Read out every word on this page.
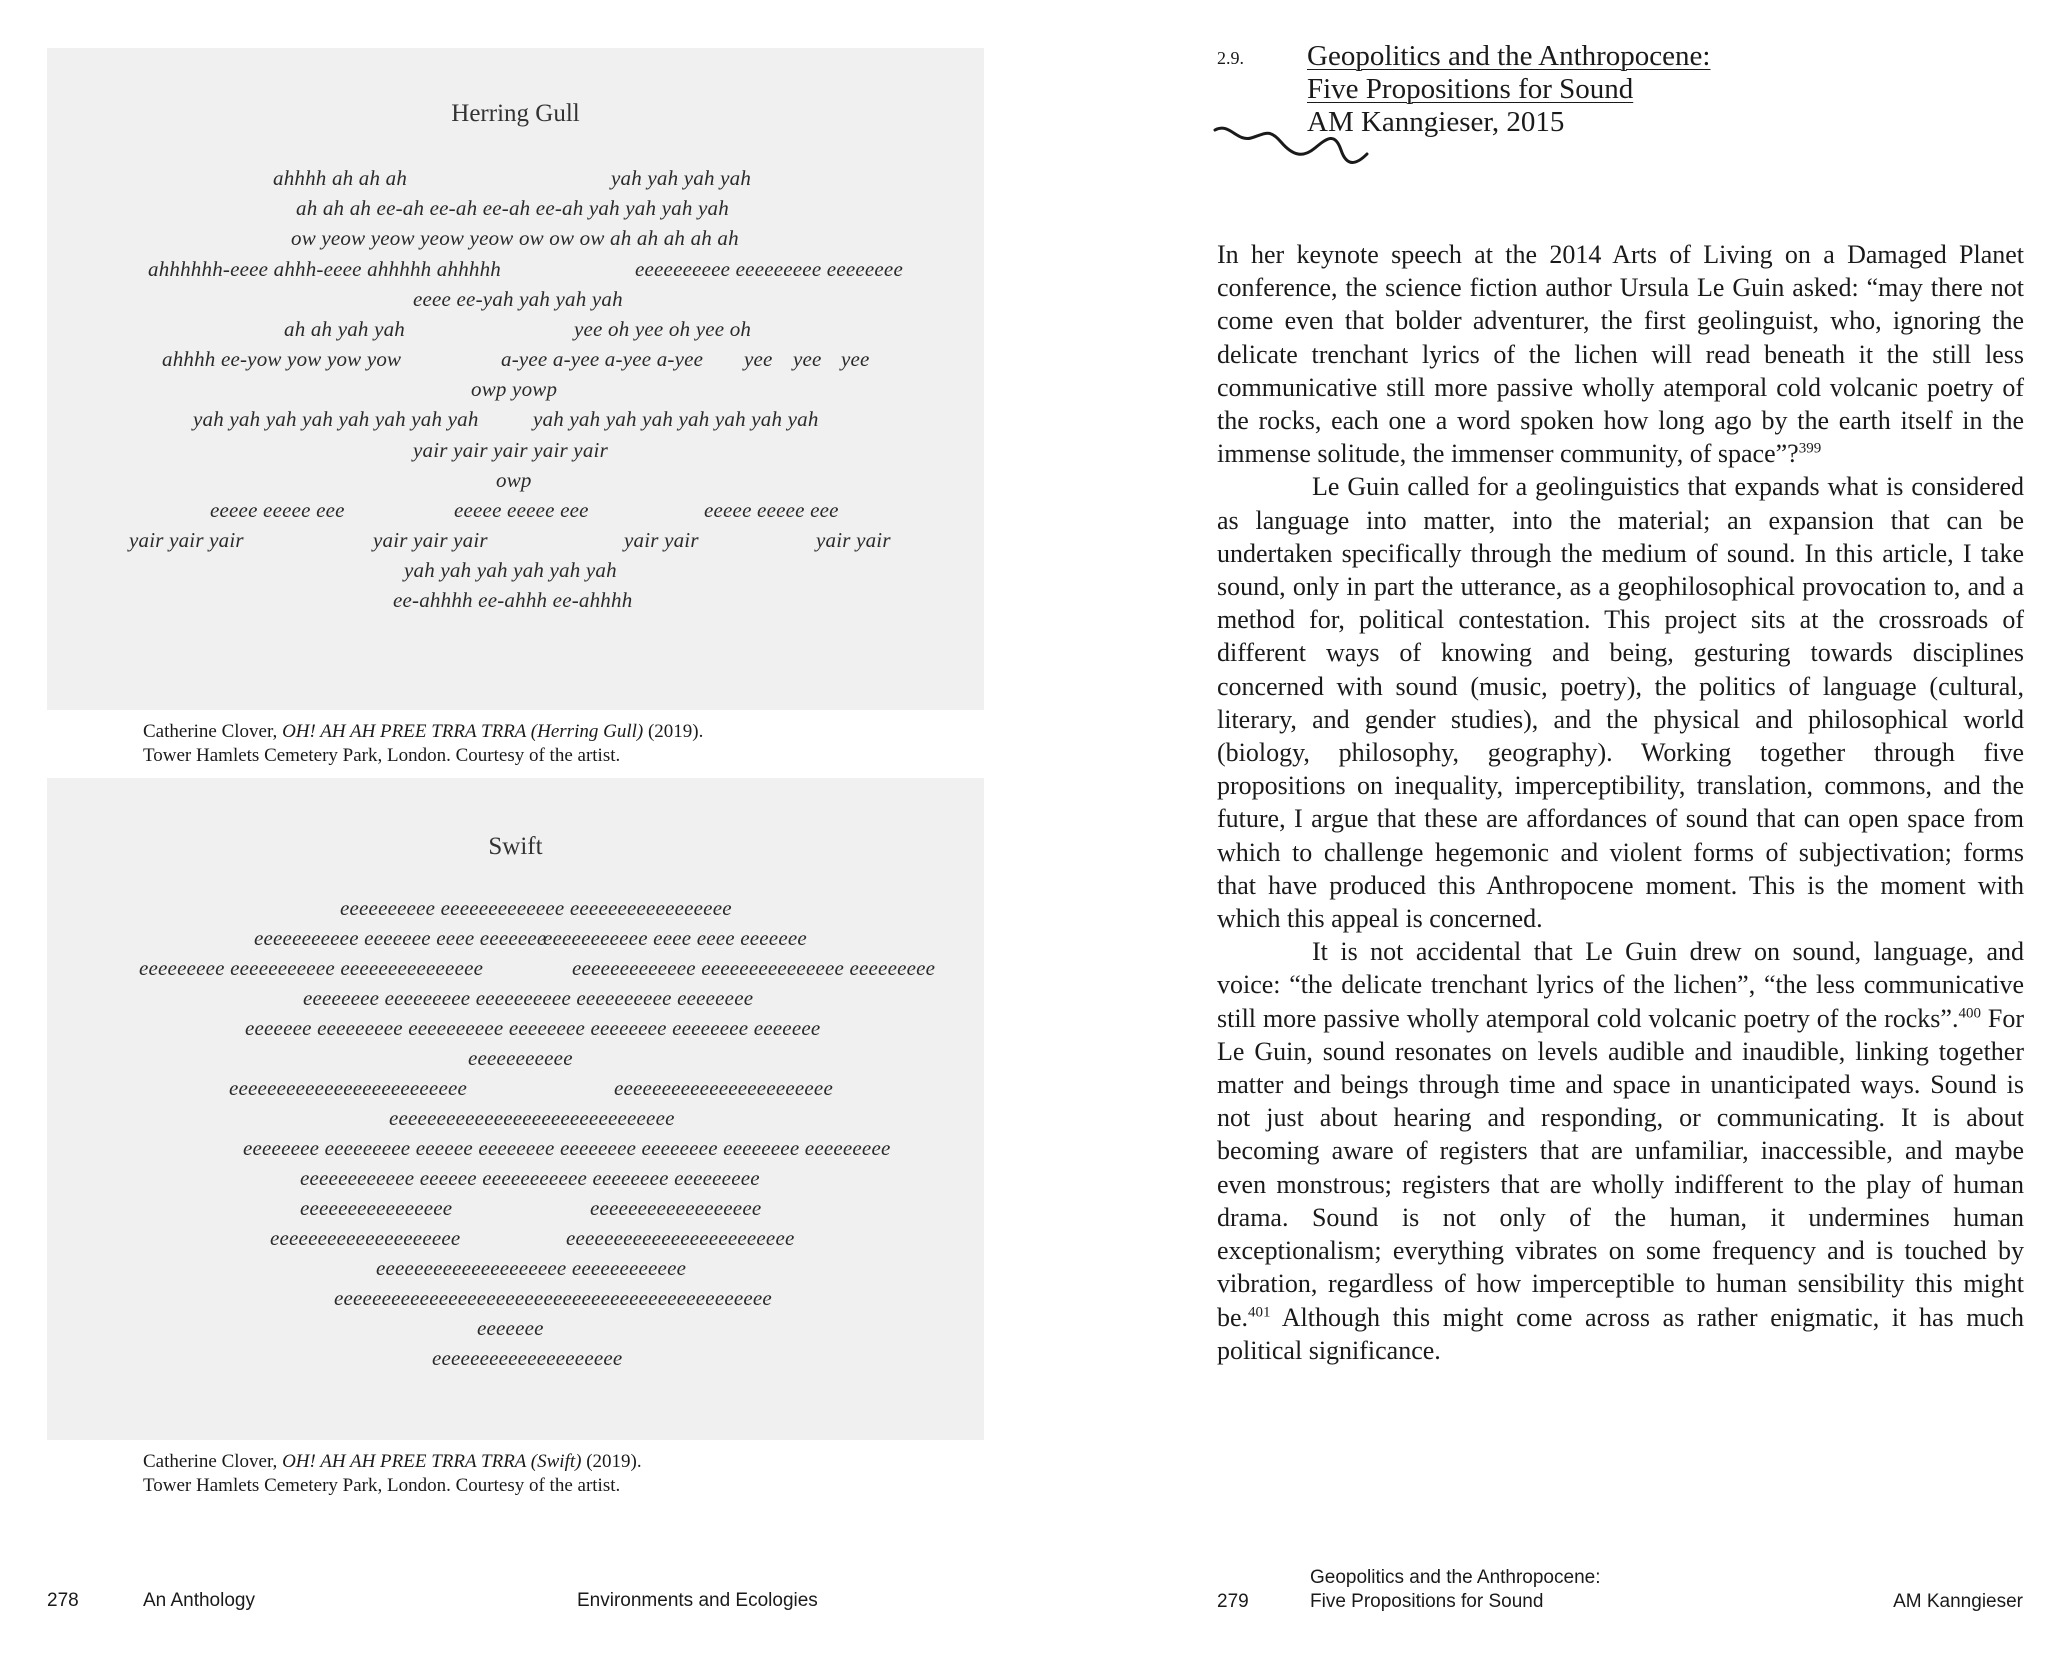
Herring Gull
ahhhh ah ah ah	yah yah yah yah
ah ah ah ee-ah ee-ah ee-ah ee-ah yah yah yah yah
ow yeow yeow yeow yeow ow ow ow ah ah ah ah ah
ahhhhhh-eeee ahhh-eeee ahhhhh ahhhhh	eeeeeeeeee eeeeeeeee eeeeeeee
eeee ee-yah yah yah yah
ah ah yah yah	yee oh yee oh yee oh
ahhhh ee-yow yow yow yow	a-yee a-yee a-yee a-yee yee yee yee
owp yowp
yah yah yah yah yah yah yah yah	yah yah yah yah yah yah yah yah
yair yair yair yair yair
owp
eeeee eeeee eee	eeeee eeeee eee	eeeee eeeee eee
yair yair yair	yair yair yair	yair yair	yair yair
yah yah yah yah yah yah
ee-ahhhh ee-ahhh ee-ahhhh
Catherine Clover, OH! AH AH PREE TRRA TRRA (Herring Gull) (2019).
Tower Hamlets Cemetery Park, London. Courtesy of the artist.
Swift
eeeeeeeeee eeeeeeeeeeeee eeeeeeeeeeeeeeeee
eeeeeeeeeee eeeeeee eeee eeeeeee
eeeeeeeeeee eeee eeee eeeeeee
eeeeeeeee eeeeeeeeeee eeeeeeeeeeeeeee	eeeeeeeeeeeee eeeeeeeeeeeeeee eeeeeeeee
eeeeeeee eeeeeeeee eeeeeeeeee eeeeeeeeee eeeeeeee
eeeeeee eeeeeeeee eeeeeeeeee eeeeeeee eeeeeeee eeeeeeee eeeeeee
eeeeeeeeeee
eeeeeeeeeeeeeeeeeeeeeeeee	eeeeeeeeeeeeeeeeeeeeeee
eeeeeeeeeeeeeeeeeeeeeeeeeeeeee
eeeeeeee eeeeeeeee eeeeee eeeeeeee eeeeeeee eeeeeeee eeeeeeee eeeeeeeee
eeeeeeeeeeee eeeeee eeeeeeeeeee eeeeeeee eeeeeeeee
eeeeeeeeeeeeeeee	eeeeeeeeeeeeeeeeee
eeeeeeeeeeeeeeeeeeee	eeeeeeeeeeeeeeeeeeeeeeee
eeeeeeeeeeeeeeeeeeee eeeeeeeeeeee
eeeeeeeeeeeeeeeeeeeeeeeeeeeeeeeeeeeeeeeeeeeeee
eeeeeee
eeeeeeeeeeeeeeeeeeee
Catherine Clover, OH! AH AH PREE TRRA TRRA (Swift) (2019).
Tower Hamlets Cemetery Park, London. Courtesy of the artist.
278	An Anthology	Environments and Ecologies
2.9. Geopolitics and the Anthropocene:
Five Propositions for Sound
AM Kanngieser, 2015

In her keynote speech at the 2014 Arts of Living on a Damaged Planet conference, the science fiction author Ursula Le Guin asked: “may there not come even that bolder adventurer, the first geolinguist, who, ignoring the delicate trenchant lyrics of the lichen will read beneath it the still less communicative still more passive wholly atemporal cold volcanic poetry of the rocks, each one a word spoken how long ago by the earth itself in the immense solitude, the immenser community, of space”?$^{399}$

Le Guin called for a geolinguistics that expands what is considered as language into matter, into the material; an expansion that can be undertaken specifically through the medium of sound. In this article, I take sound, only in part the utterance, as a geophilosophical provocation to, and a method for, political contestation. This project sits at the crossroads of different ways of knowing and being, gesturing towards disciplines concerned with sound (music, poetry), the politics of language (cultural, literary, and gender studies), and the physical and philosophical world (biology, philosophy, geography). Working together through five propositions on inequality, imperceptibility, translation, commons, and the future, I argue that these are affordances of sound that can open space from which to challenge hegemonic and violent forms of subjectivation; forms that have produced this Anthropocene moment. This is the moment with which this appeal is concerned.

It is not accidental that Le Guin drew on sound, language, and voice: “the delicate trenchant lyrics of the lichen”, “the less communicative still more passive wholly atemporal cold volcanic poetry of the rocks”.$^{400}$ For Le Guin, sound resonates on levels audible and inaudible, linking together matter and beings through time and space in unanticipated ways. Sound is not just about hearing and responding, or communicating. It is about becoming aware of registers that are unfamiliar, inaccessible, and maybe even monstrous; registers that are wholly indifferent to the play of human drama. Sound is not only of the human, it undermines human exceptionalism; everything vibrates on some frequency and is touched by vibration, regardless of how imperceptible to human sensibility this might be.$^{401}$ Although this might come across as rather enigmatic, it has much political significance.

279
Geopolitics and the Anthropocene:
Five Propositions for Sound	AM Kanngieser
